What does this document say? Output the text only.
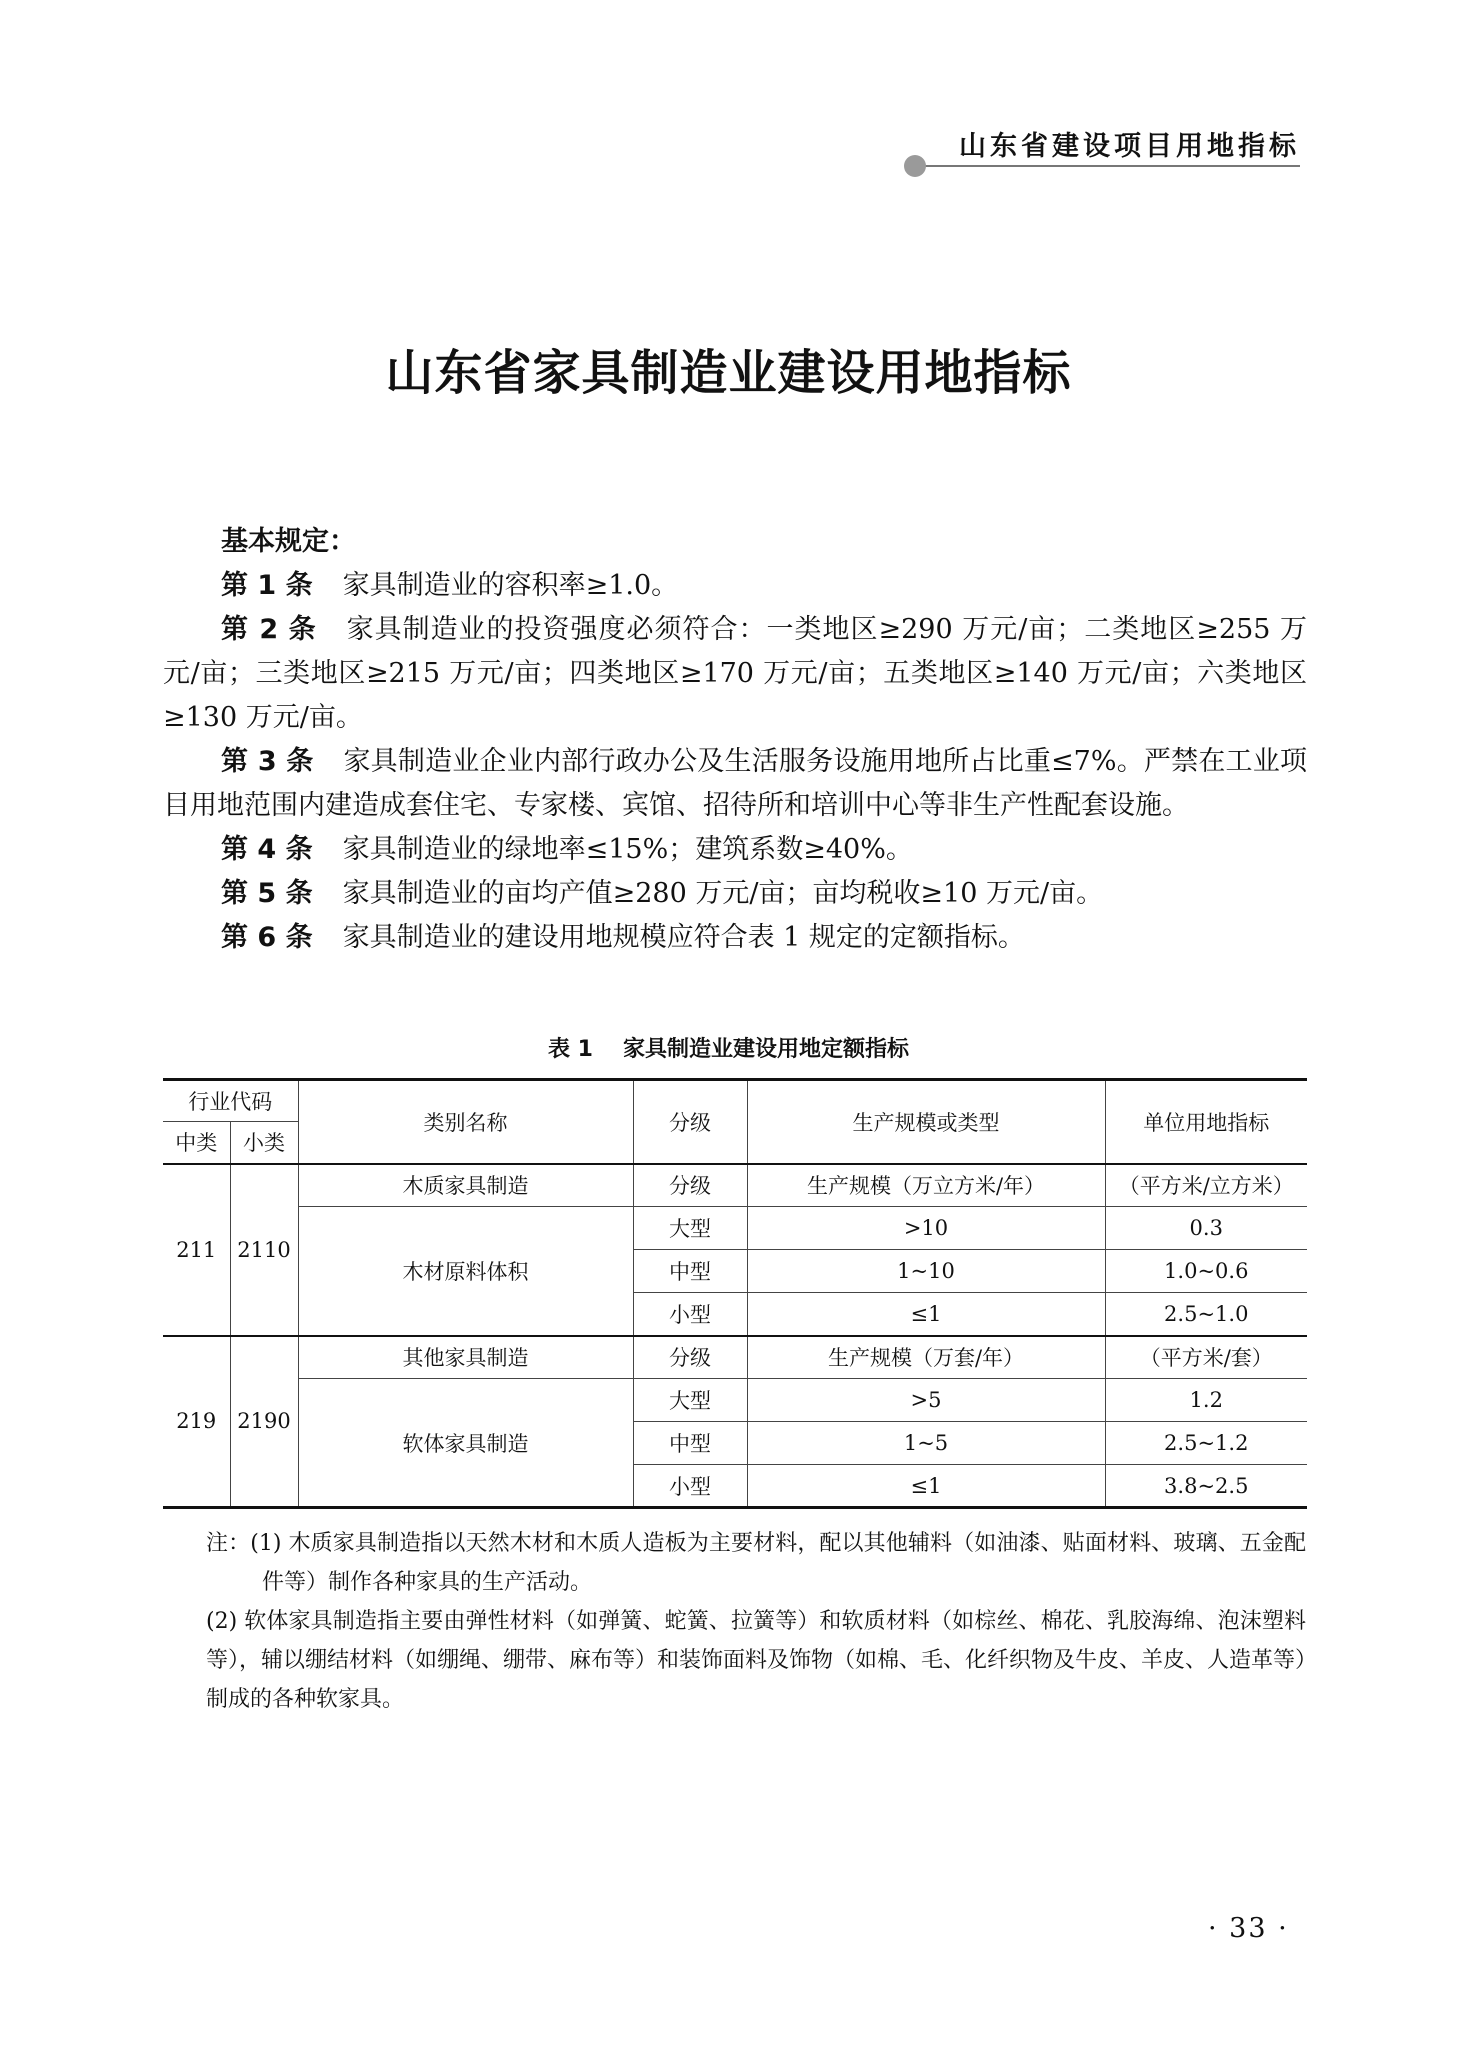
山东省建设项目用地指标
山东省家具制造业建设用地指标

基本规定：

第 1 条 家具制造业的容积率≥1.0。

第 2 条 家具制造业的投资强度必须符合：一类地区≥290 万元/亩；二类地区≥255 万元/亩；三类地区≥215 万元/亩；四类地区≥170 万元/亩；五类地区≥140 万元/亩；六类地区≥130 万元/亩。

第 3 条 家具制造业企业内部行政办公及生活服务设施用地所占比重≤7%。严禁在工业项目用地范围内建造成套住宅、专家楼、宾馆、招待所和培训中心等非生产性配套设施。

第 4 条 家具制造业的绿地率≤15%；建筑系数≥40%。

第 5 条 家具制造业的亩均产值≥280 万元/亩；亩均税收≥10 万元/亩。

第 6 条 家具制造业的建设用地规模应符合表 1 规定的定额指标。

表 1 家具制造业建设用地定额指标
行业代码		类别名称	分级	生产规模或类型	单位用地指标
中类	小类				
211	2110	木质家具制造	分级	生产规模（万立方米/年）	（平方米/立方米）
		木材原料体积	大型	>10	0.3
			中型	1~10	1.0~0.6
			小型	≤1	2.5~1.0
219	2190	其他家具制造	分级	生产规模（万套/年）	（平方米/套）
		软体家具制造	大型	>5	1.2
			中型	1~5	2.5~1.2
			小型	≤1	3.8~2.5

注：(1) 木质家具制造指以天然木材和木质人造板为主要材料，配以其他辅料（如油漆、贴面材料、玻璃、五金配件等）制作各种家具的生产活动。

(2) 软体家具制造指主要由弹性材料（如弹簧、蛇簧、拉簧等）和软质材料（如棕丝、棉花、乳胶海绵、泡沫塑料等），辅以绷结材料（如绷绳、绷带、麻布等）和装饰面料及饰物（如棉、毛、化纤织物及牛皮、羊皮、人造革等）制成的各种软家具。

· 33 ·
